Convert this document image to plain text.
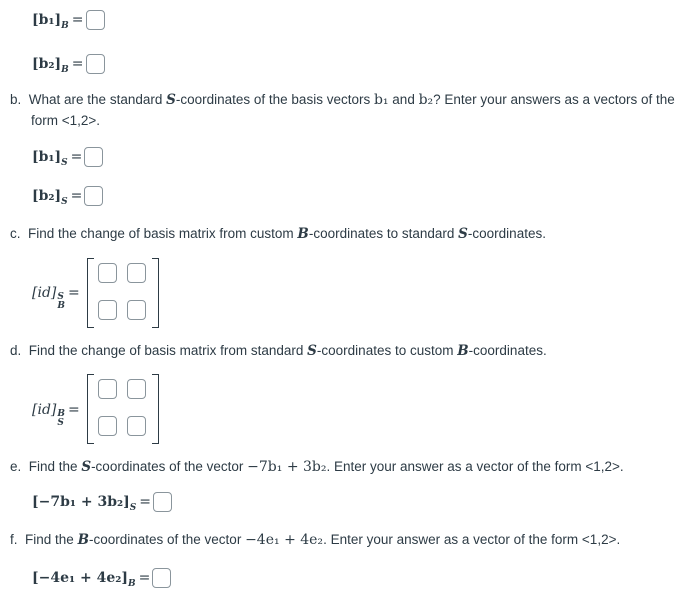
$[b_1]_B$ =
$[b_2]_B$ =
b. What are the standard S-coordinates of the basis vectors b₁ and b₂? Enter your answers as a vectors of the
form <1,2>.
$[b_1]_S$ =
$[b_2]_S$ =
c. Find the change of basis matrix from custom B-coordinates to standard S-coordinates.
[id] S
B
=
d. Find the change of basis matrix from standard S-coordinates to custom B-coordinates.
[id] B
S
=
e. Find the S-coordinates of the vector −7b₁ + 3b₂. Enter your answer as a vector of the form <1,2>.
$[-7b_1 + 3b_2]_S$ =
f. Find the B-coordinates of the vector −4e₁ + 4e₂. Enter your answer as a vector of the form <1,2>.
$[-4e_1 + 4e_2]_B$ =
